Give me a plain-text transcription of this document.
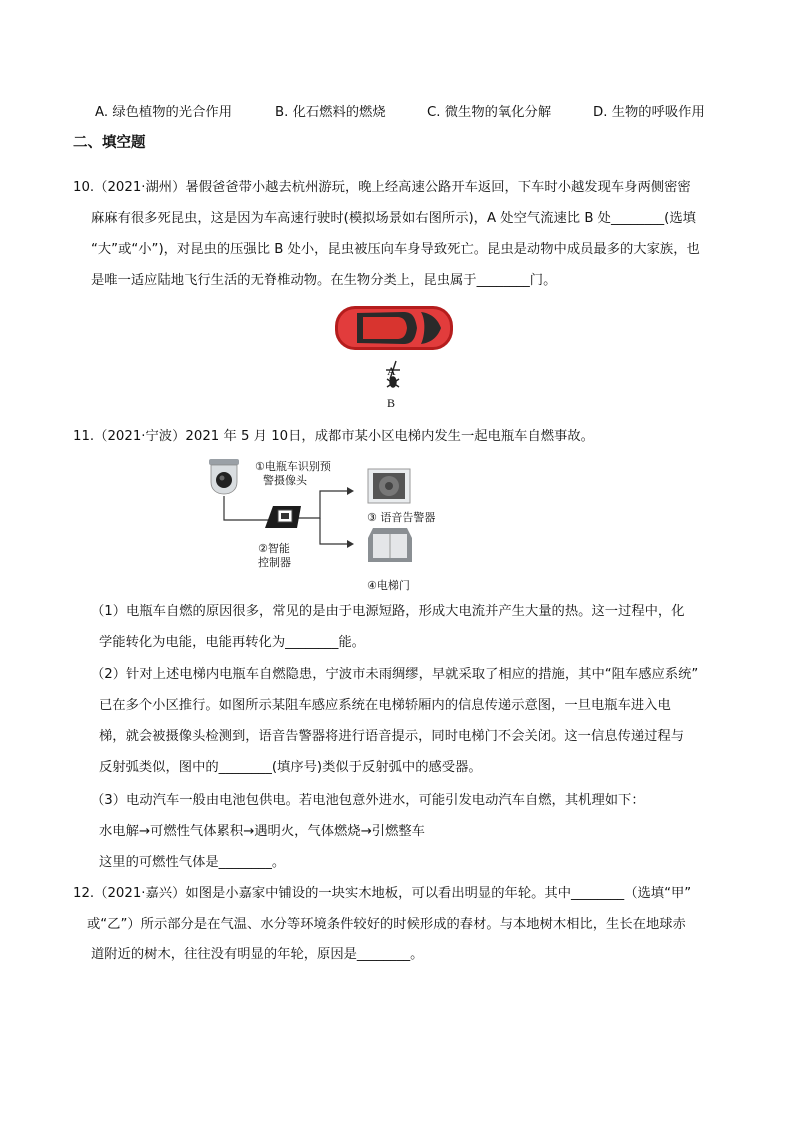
A. 绿色植物的光合作用	B. 化石燃料的燃烧	C. 微生物的氧化分解	D. 生物的呼吸作用
二、填空题
10.（2021·湖州）暑假爸爸带小越去杭州游玩，晚上经高速公路开车返回，下车时小越发现车身两侧密密
麻麻有很多死昆虫，这是因为车高速行驶时(模拟场景如右图所示)，A 处空气流速比 B 处________(选填
“大”或“小”)，对昆虫的压强比 B 处小，昆虫被压向车身导致死亡。昆虫是动物中成员最多的大家族，也
是唯一适应陆地飞行生活的无脊椎动物。在生物分类上，昆虫属于________门。
A
B
11.（2021·宁波）2021 年 5 月 10日，成都市某小区电梯内发生一起电瓶车自燃事故。
①电瓶车识别预
警摄像头
②智能
控制器
③ 语音告警器
④电梯门
（1）电瓶车自燃的原因很多，常见的是由于电源短路，形成大电流并产生大量的热。这一过程中，化
学能转化为电能，电能再转化为________能。
（2）针对上述电梯内电瓶车自燃隐患，宁波市未雨绸缪，早就采取了相应的措施，其中“阻车感应系统”
已在多个小区推行。如图所示某阻车感应系统在电梯轿厢内的信息传递示意图，一旦电瓶车进入电
梯，就会被摄像头检测到，语音告警器将进行语音提示，同时电梯门不会关闭。这一信息传递过程与
反射弧类似，图中的________(填序号)类似于反射弧中的感受器。
（3）电动汽车一般由电池包供电。若电池包意外进水，可能引发电动汽车自燃，其机理如下：
水电解→可燃性气体累积→遇明火，气体燃烧→引燃整车
这里的可燃性气体是________。
12.（2021·嘉兴）如图是小嘉家中铺设的一块实木地板，可以看出明显的年轮。其中________（选填“甲”
或“乙”）所示部分是在气温、水分等环境条件较好的时候形成的春材。与本地树木相比，生长在地球赤
道附近的树木，往往没有明显的年轮，原因是________。
